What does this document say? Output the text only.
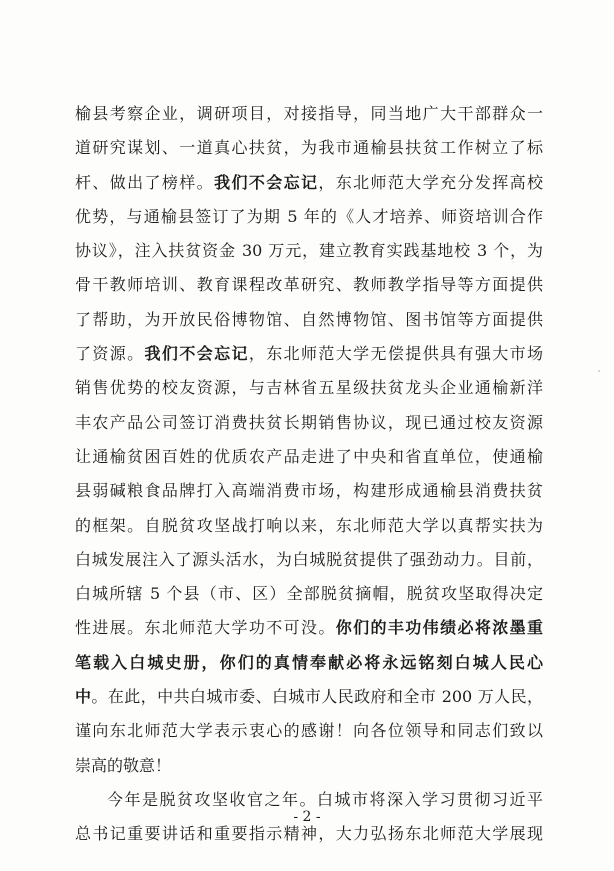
榆县考察企业，调研项目，对接指导，同当地广大干部群众一
道研究谋划、一道真心扶贫，为我市通榆县扶贫工作树立了标
杆、做出了榜样。我们不会忘记，东北师范大学充分发挥高校
优势，与通榆县签订了为期 5 年的《人才培养、师资培训合作
协议》，注入扶贫资金 30 万元，建立教育实践基地校 3 个，为
骨干教师培训、教育课程改革研究、教师教学指导等方面提供
了帮助，为开放民俗博物馆、自然博物馆、图书馆等方面提供
了资源。我们不会忘记，东北师范大学无偿提供具有强大市场
销售优势的校友资源，与吉林省五星级扶贫龙头企业通榆新洋
丰农产品公司签订消费扶贫长期销售协议，现已通过校友资源
让通榆贫困百姓的优质农产品走进了中央和省直单位，使通榆
县弱碱粮食品牌打入高端消费市场，构建形成通榆县消费扶贫
的框架。自脱贫攻坚战打响以来，东北师范大学以真帮实扶为
白城发展注入了源头活水，为白城脱贫提供了强劲动力。目前，
白城所辖 5 个县（市、区）全部脱贫摘帽，脱贫攻坚取得决定
性进展。东北师范大学功不可没。你们的丰功伟绩必将浓墨重
笔载入白城史册，你们的真情奉献必将永远铭刻白城人民心
中。在此，中共白城市委、白城市人民政府和全市 200 万人民，
谨向东北师范大学表示衷心的感谢！向各位领导和同志们致以
崇高的敬意！
今年是脱贫攻坚收官之年。白城市将深入学习贯彻习近平
总书记重要讲话和重要指示精神，大力弘扬东北师范大学展现
- 2 -
